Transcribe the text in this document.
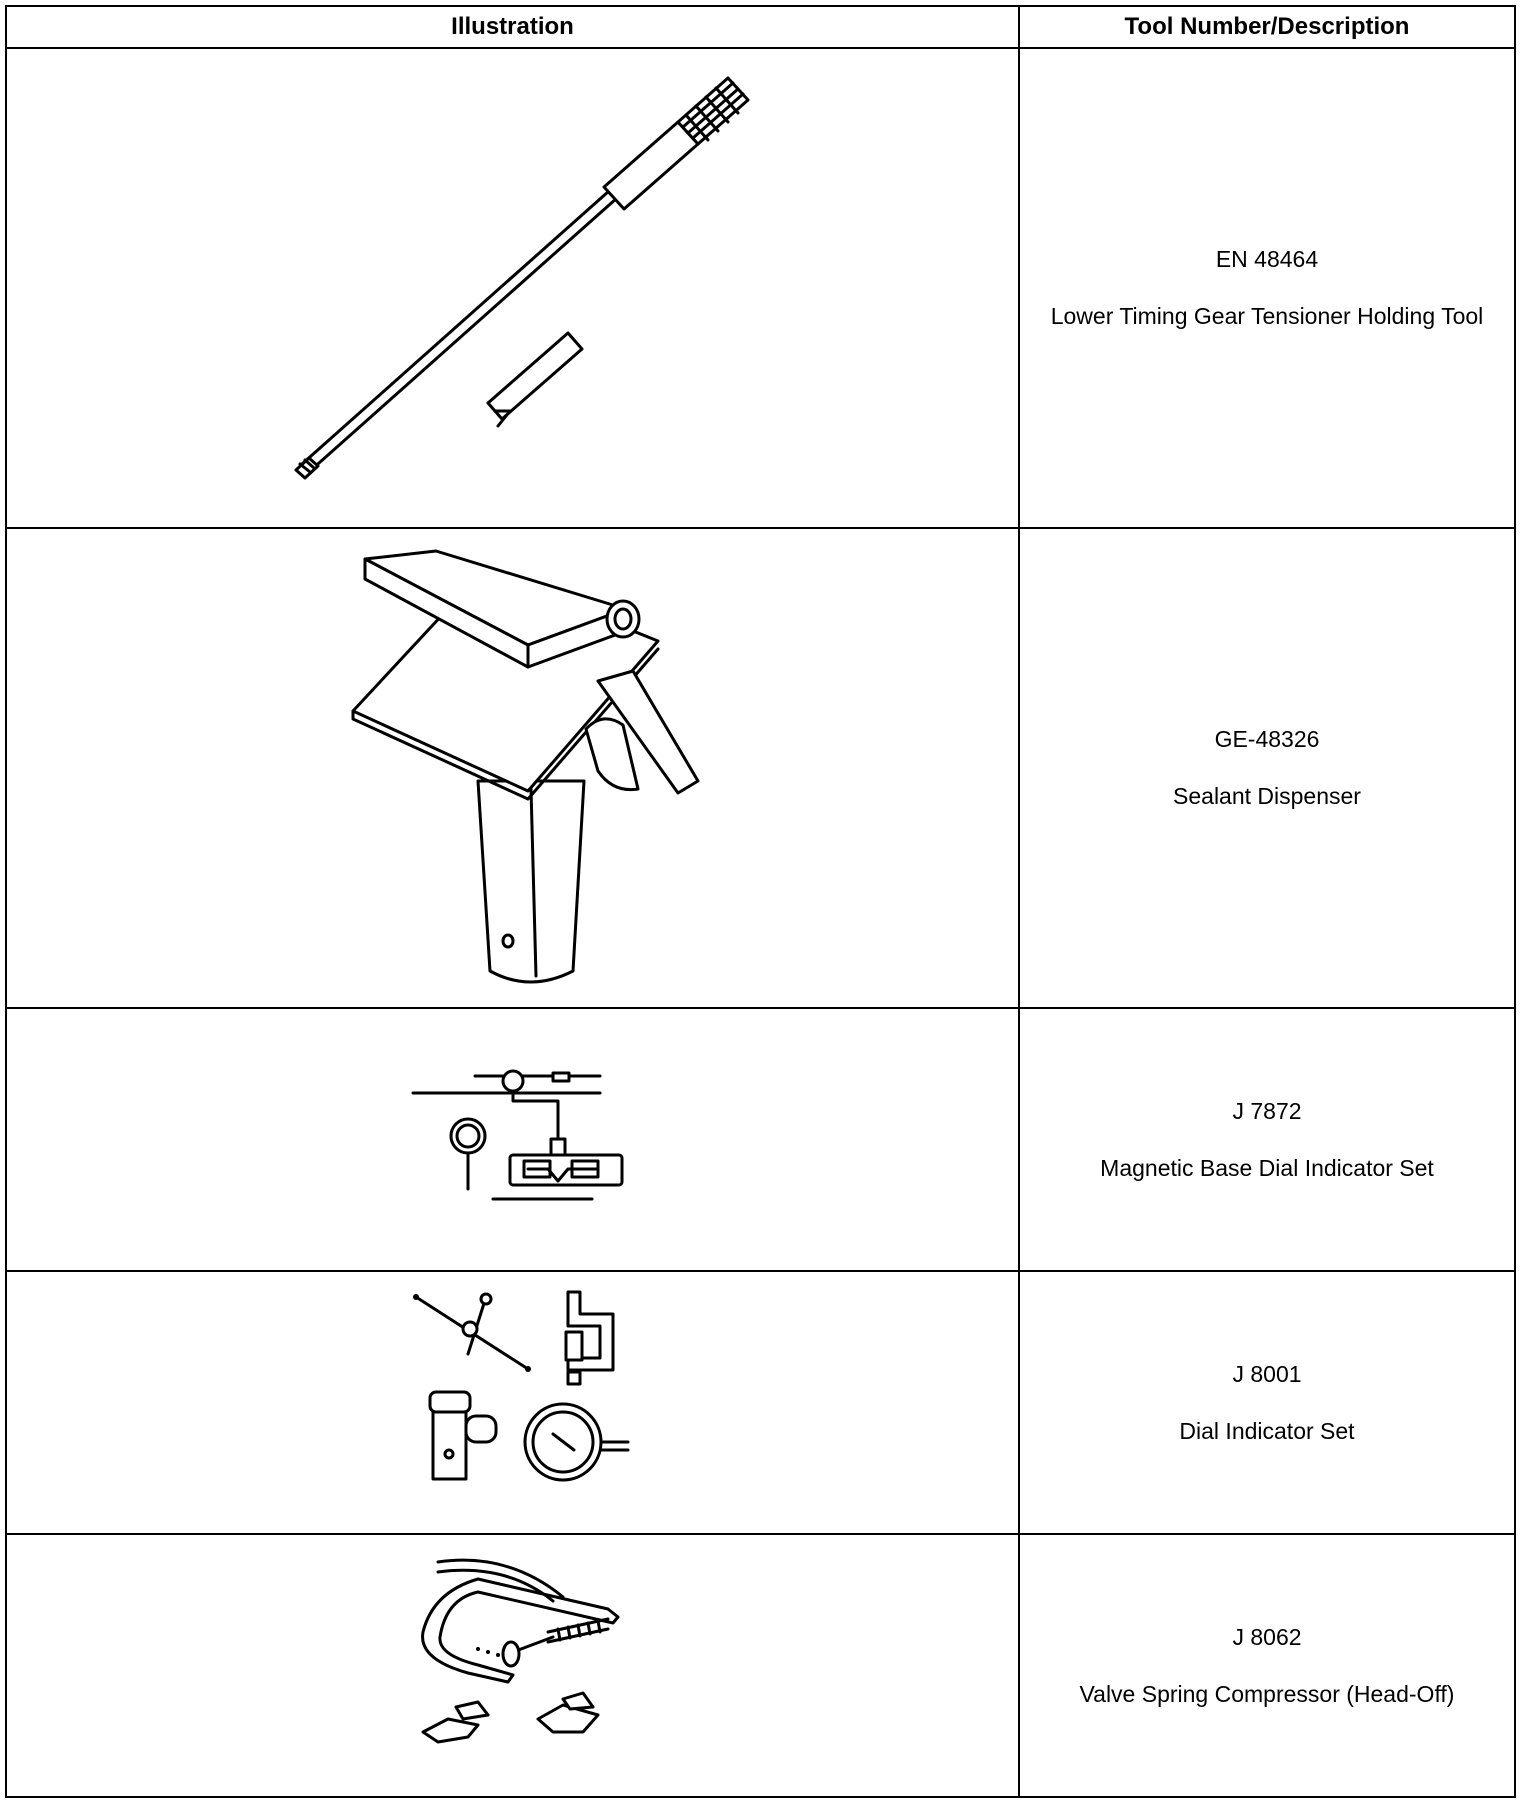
Illustration	Tool Number/Description

EN 48464
Lower Timing Gear Tensioner Holding Tool

GE-48326
Sealant Dispenser

J 7872
Magnetic Base Dial Indicator Set

J 8001
Dial Indicator Set

J 8062
Valve Spring Compressor (Head-Off)
